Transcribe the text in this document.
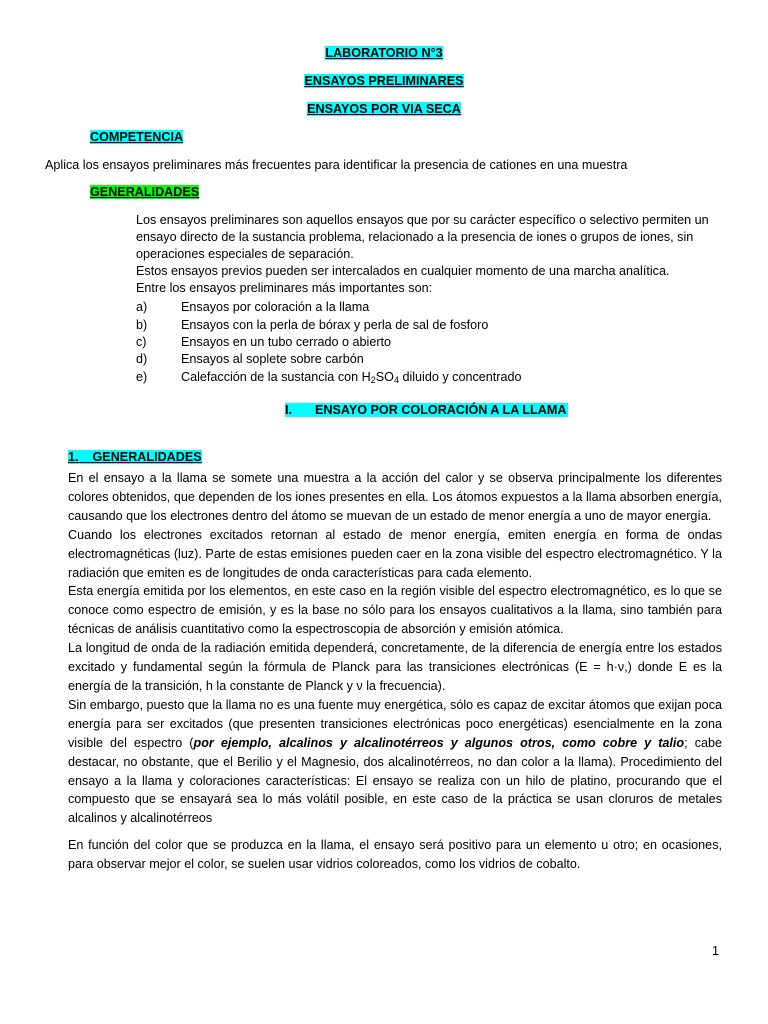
LABORATORIO N°3
ENSAYOS PRELIMINARES
ENSAYOS POR VIA SECA
COMPETENCIA
Aplica los ensayos preliminares más frecuentes para identificar la presencia de cationes en una muestra
GENERALIDADES
Los ensayos preliminares son aquellos ensayos que por su carácter específico o selectivo permiten un
ensayo directo de la sustancia problema, relacionado a la presencia de iones o grupos de iones, sin
operaciones especiales de separación.
Estos ensayos previos pueden ser intercalados en cualquier momento de una marcha analítica.
Entre los ensayos preliminares más importantes son:
a)	Ensayos por coloración a la llama
b)	Ensayos con la perla de bórax y perla de sal de fosforo
c)	Ensayos en un tubo cerrado o abierto
d)	Ensayos al soplete sobre carbón
e)	Calefacción de la sustancia con $H_2SO_4$ diluido y concentrado
I. ENSAYO POR COLORACIÓN A LA LLAMA
1.    GENERALIDADES

En el ensayo a la llama se somete una muestra a la acción del calor y se observa principalmente los diferentes colores obtenidos, que dependen de los iones presentes en ella. Los átomos expuestos a la llama absorben energía, causando que los electrones dentro del átomo se muevan de un estado de menor energía a uno de mayor energía.

Cuando los electrones excitados retornan al estado de menor energía, emiten energía en forma de ondas electromagnéticas (luz). Parte de estas emisiones pueden caer en la zona visible del espectro electromagnético. Y la radiación que emiten es de longitudes de onda características para cada elemento.

Esta energía emitida por los elementos, en este caso en la región visible del espectro electromagnético, es lo que se conoce como espectro de emisión, y es la base no sólo para los ensayos cualitativos a la llama, sino también para técnicas de análisis cuantitativo como la espectroscopia de absorción y emisión atómica.

La longitud de onda de la radiación emitida dependerá, concretamente, de la diferencia de energía entre los estados excitado y fundamental según la fórmula de Planck para las transiciones electrónicas (E = h·ν,) donde E es la energía de la transición, h la constante de Planck y ν la frecuencia).

Sin embargo, puesto que la llama no es una fuente muy energética, sólo es capaz de excitar átomos que exijan poca energía para ser excitados (que presenten transiciones electrónicas poco energéticas) esencialmente en la zona visible del espectro (por ejemplo, alcalinos y alcalinotérreos y algunos otros, como cobre y talio; cabe destacar, no obstante, que el Berilio y el Magnesio, dos alcalinotérreos, no dan color a la llama). Procedimiento del ensayo a la llama y coloraciones características: El ensayo se realiza con un hilo de platino, procurando que el compuesto que se ensayará sea lo más volátil posible, en este caso de la práctica se usan cloruros de metales alcalinos y alcalinotérreos

En función del color que se produzca en la llama, el ensayo será positivo para un elemento u otro; en ocasiones, para observar mejor el color, se suelen usar vidrios coloreados, como los vidrios de cobalto.

1
